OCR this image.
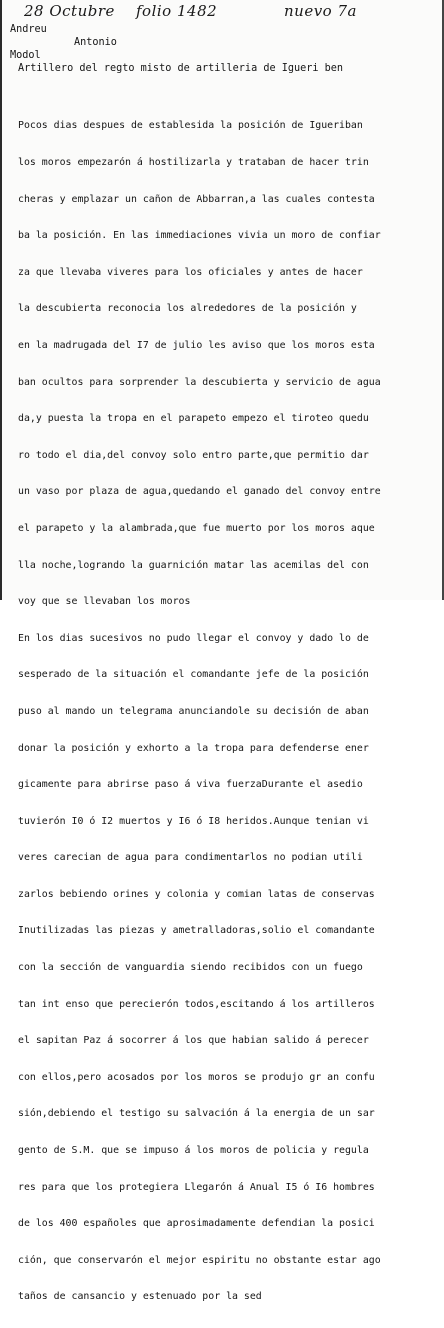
28 Octubre folio 1482	nuevo 7a
Andreu
Antonio
Modol
Artillero del regto misto de artilleria de Igueri ben

Pocos dias despues de establesida la posición de Igueriban

los moros empezarón á hostilizarla y trataban de hacer trin

cheras y emplazar un cañon de Abbarran,a las cuales contesta

ba la posición. En las immediaciones vivia un moro de confiar

za que llevaba viveres para los oficiales y antes de hacer

la descubierta reconocia los alrededores de la posición y

en la madrugada del I7 de julio les aviso que los moros esta

ban ocultos para sorprender la descubierta y servicio de agua

da,y puesta la tropa en el parapeto empezo el tiroteo quedu

ro todo el dia,del convoy solo entro parte,que permitio dar

un vaso por plaza de agua,quedando el ganado del convoy entre

el parapeto y la alambrada,que fue muerto por los moros aque

lla noche,logrando la guarnición matar las acemilas del con

voy que se llevaban los moros

En los dias sucesivos no pudo llegar el convoy y dado lo de

sesperado de la situación el comandante jefe de la posición

puso al mando un telegrama anunciandole su decisión de aban

donar la posición y exhorto a la tropa para defenderse ener

gicamente para abrirse paso á viva fuerzaDurante el asedio

tuvierón I0 ó I2 muertos y I6 ó I8 heridos.Aunque tenian vi

veres carecian de agua para condimentarlos no podian utili

zarlos bebiendo orines y colonia y comian latas de conservas

Inutilizadas las piezas y ametralladoras,solio el comandante

con la sección de vanguardia siendo recibidos con un fuego

tan int enso que perecierón todos,escitando á los artilleros

el sapitan Paz á socorrer á los que habian salido á perecer

con ellos,pero acosados por los moros se produjo gr an confu

sión,debiendo el testigo su salvación á la energia de un sar

gento de S.M. que se impuso á los moros de policia y regula

res para que los protegiera Llegarón á Anual I5 ó I6 hombres

de los 400 españoles que aprosimadamente defendian la posici

ción, que conservarón el mejor espiritu no obstante estar ago

taños de cansancio y estenuado por la sed
